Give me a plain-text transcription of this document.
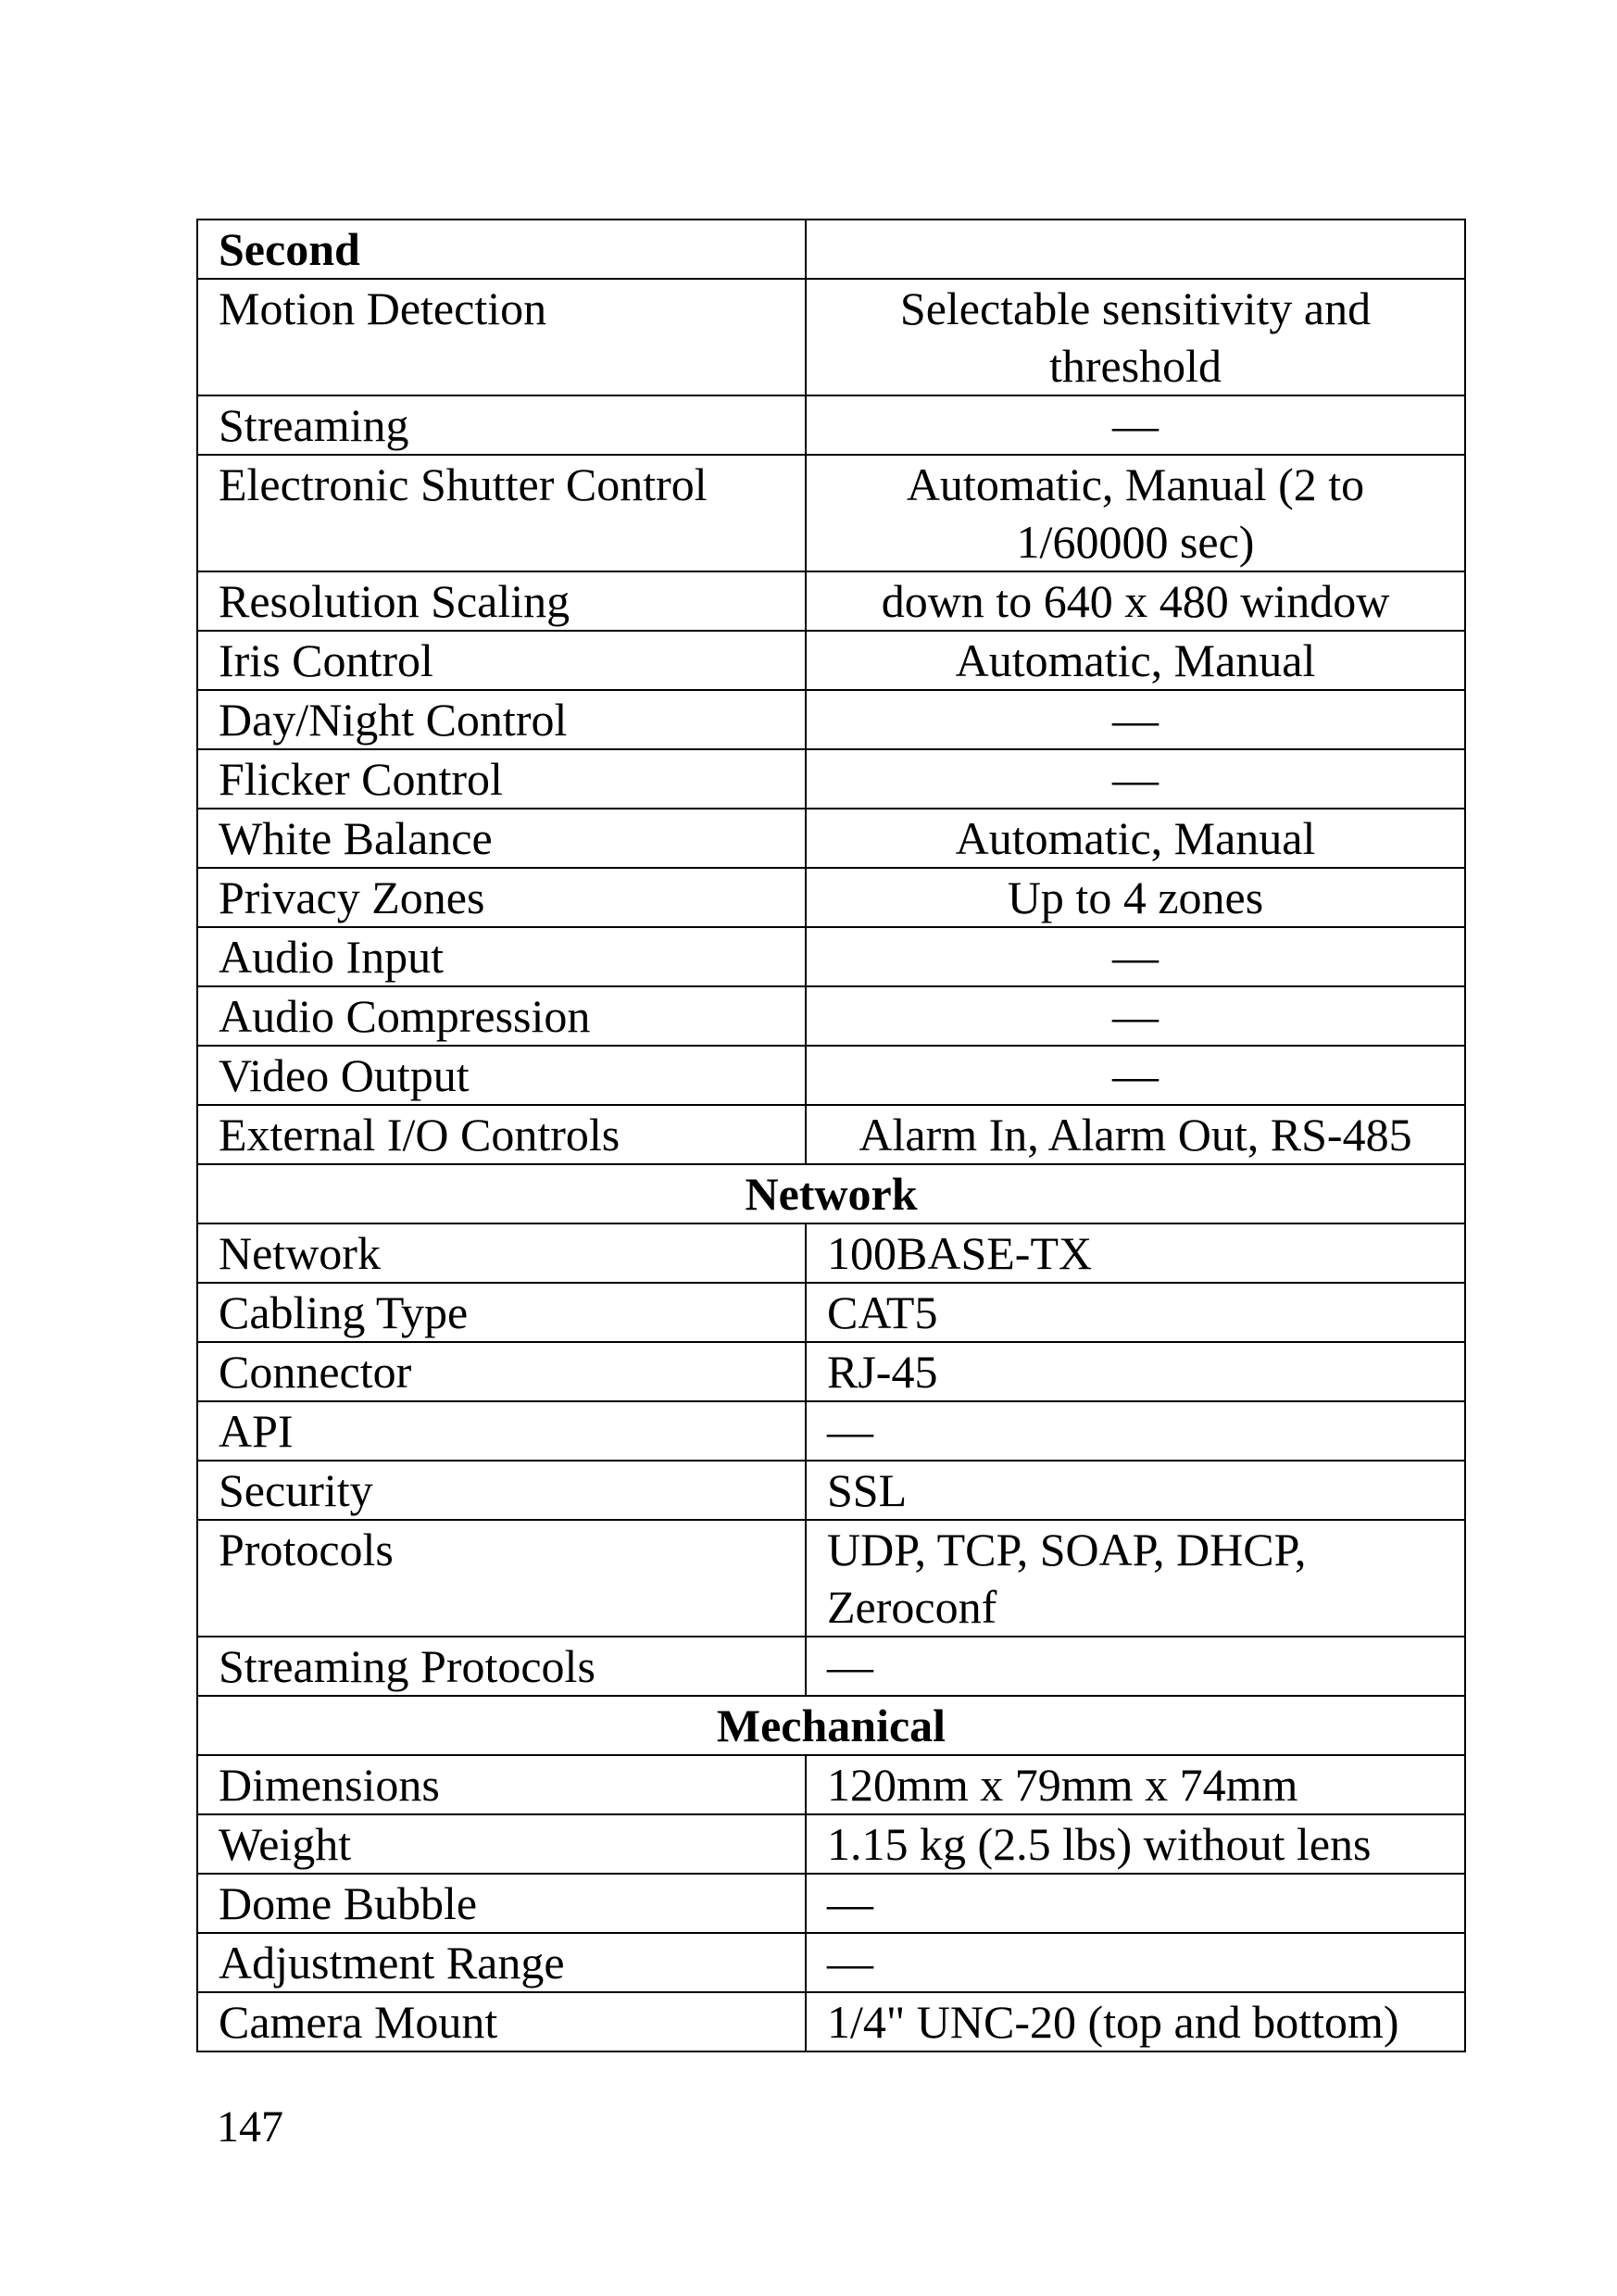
Second	
Motion Detection	Selectable sensitivity and threshold
Streaming	—
Electronic Shutter Control	Automatic, Manual (2 to 1/60000 sec)
Resolution Scaling	down to 640 x 480 window
Iris Control	Automatic, Manual
Day/Night Control	—
Flicker Control	—
White Balance	Automatic, Manual
Privacy Zones	Up to 4 zones
Audio Input	—
Audio Compression	—
Video Output	—
External I/O Controls	Alarm In, Alarm Out, RS-485
Network	
Network	100BASE-TX
Cabling Type	CAT5
Connector	RJ-45
API	—
Security	SSL
Protocols	UDP, TCP, SOAP, DHCP, Zeroconf
Streaming Protocols	—
Mechanical	
Dimensions	120mm x 79mm x 74mm
Weight	1.15 kg (2.5 lbs) without lens
Dome Bubble	—
Adjustment Range	—
Camera Mount	1/4" UNC-20 (top and bottom)
147
